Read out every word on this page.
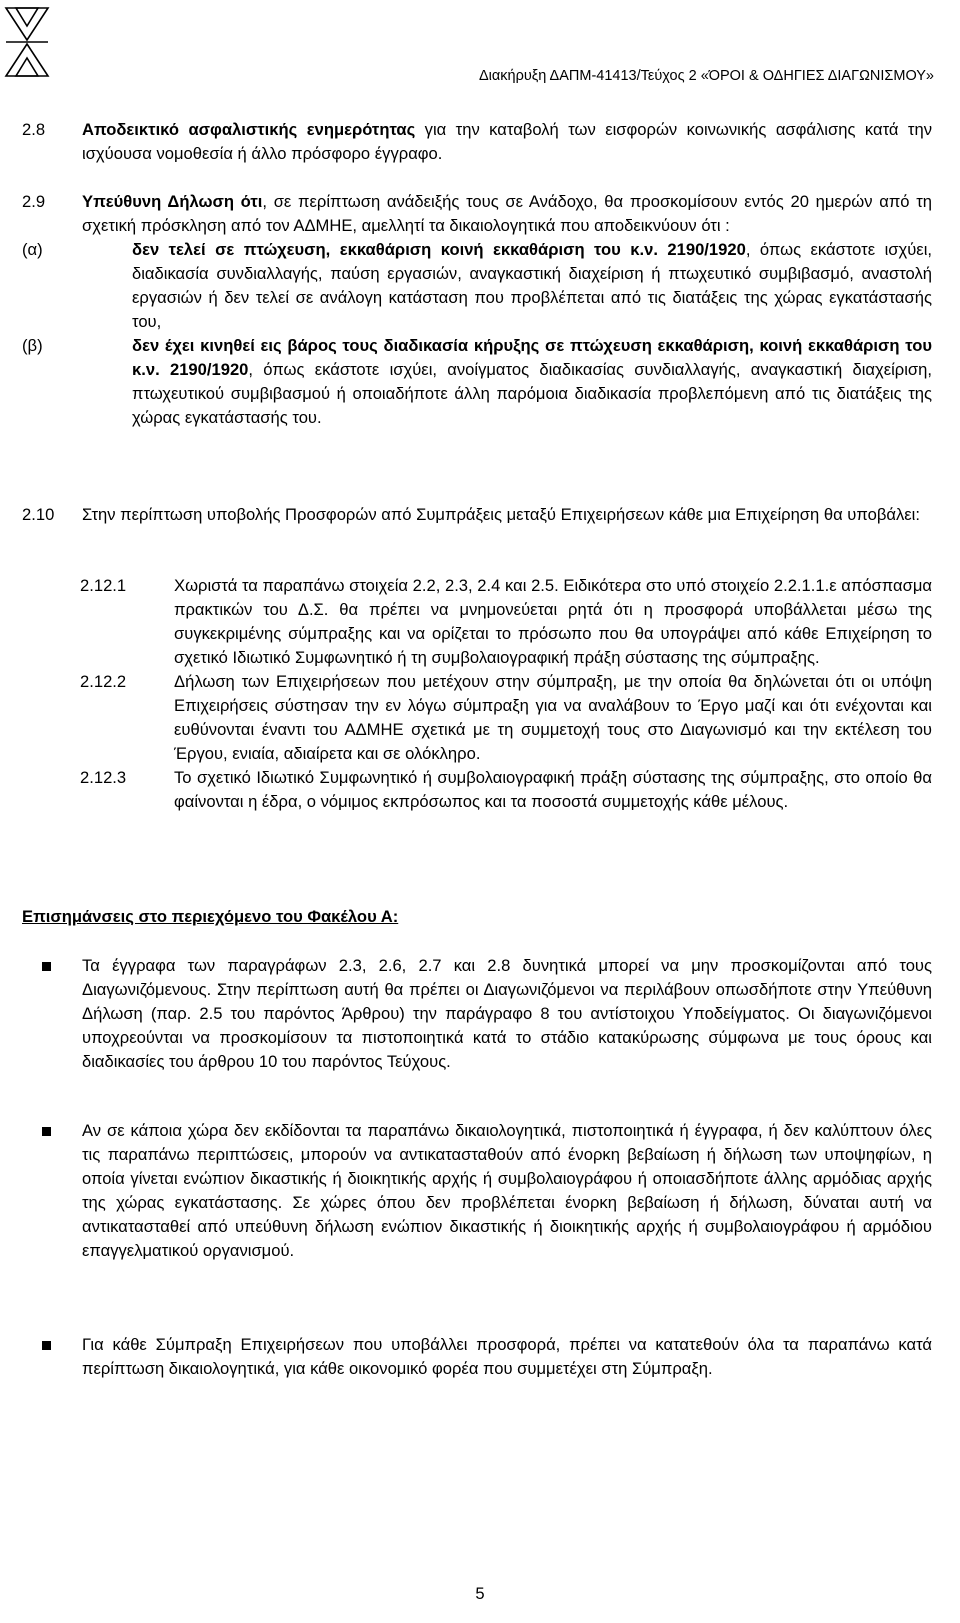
Διακήρυξη ΔΑΠΜ-41413/Τεύχος 2 «ΌΡΟΙ & ΟΔΗΓΙΕΣ ΔΙΑΓΩΝΙΣΜΟΥ»
2.8 Αποδεικτικό ασφαλιστικής ενημερότητας για την καταβολή των εισφορών κοινωνικής ασφάλισης κατά την ισχύουσα νομοθεσία ή άλλο πρόσφορο έγγραφο.

2.9 Υπεύθυνη Δήλωση ότι, σε περίπτωση ανάδειξής τους σε Ανάδοχο, θα προσκομίσουν εντός 20 ημερών από τη σχετική πρόσκληση από τον ΑΔΜΗΕ, αμελλητί τα δικαιολογητικά που αποδεικνύουν ότι :

(α)	δεν τελεί σε πτώχευση, εκκαθάριση κοινή εκκαθάριση του κ.ν. 2190/1920, όπως εκάστοτε ισχύει, διαδικασία συνδιαλλαγής, παύση εργασιών, αναγκαστική διαχείριση ή πτωχευτικό συμβιβασμό, αναστολή εργασιών ή δεν τελεί σε ανάλογη κατάσταση που προβλέπεται από τις διατάξεις της χώρας εγκατάστασής του,

(β)	δεν έχει κινηθεί εις βάρος τους διαδικασία κήρυξης σε πτώχευση εκκαθάριση, κοινή εκκαθάριση του κ.ν. 2190/1920, όπως εκάστοτε ισχύει, ανοίγματος διαδικασίας συνδιαλλαγής, αναγκαστική διαχείριση, πτωχευτικού συμβιβασμού ή οποιαδήποτε άλλη παρόμοια διαδικασία προβλεπόμενη από τις διατάξεις της χώρας εγκατάστασής του.

2.10 Στην περίπτωση υποβολής Προσφορών από Συμπράξεις μεταξύ Επιχειρήσεων κάθε μια Επιχείρηση θα υποβάλει:

2.12.1	Χωριστά τα παραπάνω στοιχεία 2.2, 2.3, 2.4 και 2.5. Ειδικότερα στο υπό στοιχείο 2.2.1.1.ε απόσπασμα πρακτικών του Δ.Σ. θα πρέπει να μνημονεύεται ρητά ότι η προσφορά υποβάλλεται μέσω της συγκεκριμένης σύμπραξης και να ορίζεται το πρόσωπο που θα υπογράψει από κάθε Επιχείρηση το σχετικό Ιδιωτικό Συμφωνητικό ή τη συμβολαιογραφική πράξη σύστασης της σύμπραξης.

2.12.2	Δήλωση των Επιχειρήσεων που μετέχουν στην σύμπραξη, με την οποία θα δηλώνεται ότι οι υπόψη Επιχειρήσεις σύστησαν την εν λόγω σύμπραξη για να αναλάβουν το Έργο μαζί και ότι ενέχονται και ευθύνονται έναντι του ΑΔΜΗΕ σχετικά με τη συμμετοχή τους στο Διαγωνισμό και την εκτέλεση του Έργου, ενιαία, αδιαίρετα και σε ολόκληρο.

2.12.3	Το σχετικό Ιδιωτικό Συμφωνητικό ή συμβολαιογραφική πράξη σύστασης της σύμπραξης, στο οποίο θα φαίνονται η έδρα, ο νόμιμος εκπρόσωπος και τα ποσοστά συμμετοχής κάθε μέλους.

Επισημάνσεις στο περιεχόμενο του Φακέλου Α:

Τα έγγραφα των παραγράφων 2.3, 2.6, 2.7 και 2.8 δυνητικά μπορεί να μην προσκομίζονται από τους Διαγωνιζόμενους. Στην περίπτωση αυτή θα πρέπει οι Διαγωνιζόμενοι να περιλάβουν οπωσδήποτε στην Υπεύθυνη Δήλωση (παρ. 2.5 του παρόντος Άρθρου) την παράγραφο 8 του αντίστοιχου Υποδείγματος. Οι διαγωνιζόμενοι υποχρεούνται να προσκομίσουν τα πιστοποιητικά κατά το στάδιο κατακύρωσης σύμφωνα με τους όρους και διαδικασίες του άρθρου 10 του παρόντος Τεύχους.

Αν σε κάποια χώρα δεν εκδίδονται τα παραπάνω δικαιολογητικά, πιστοποιητικά ή έγγραφα, ή δεν καλύπτουν όλες τις παραπάνω περιπτώσεις, μπορούν να αντικατασταθούν από ένορκη βεβαίωση ή δήλωση των υποψηφίων, η οποία γίνεται ενώπιον δικαστικής ή διοικητικής αρχής ή συμβολαιογράφου ή οποιασδήποτε άλλης αρμόδιας αρχής της χώρας εγκατάστασης. Σε χώρες όπου δεν προβλέπεται ένορκη βεβαίωση ή δήλωση, δύναται αυτή να αντικατασταθεί από υπεύθυνη δήλωση ενώπιον δικαστικής ή διοικητικής αρχής ή συμβολαιογράφου ή αρμόδιου επαγγελματικού οργανισμού.

Για κάθε Σύμπραξη Επιχειρήσεων που υποβάλλει προσφορά, πρέπει να κατατεθούν όλα τα παραπάνω κατά περίπτωση δικαιολογητικά, για κάθε οικονομικό φορέα που συμμετέχει στη Σύμπραξη.

5
